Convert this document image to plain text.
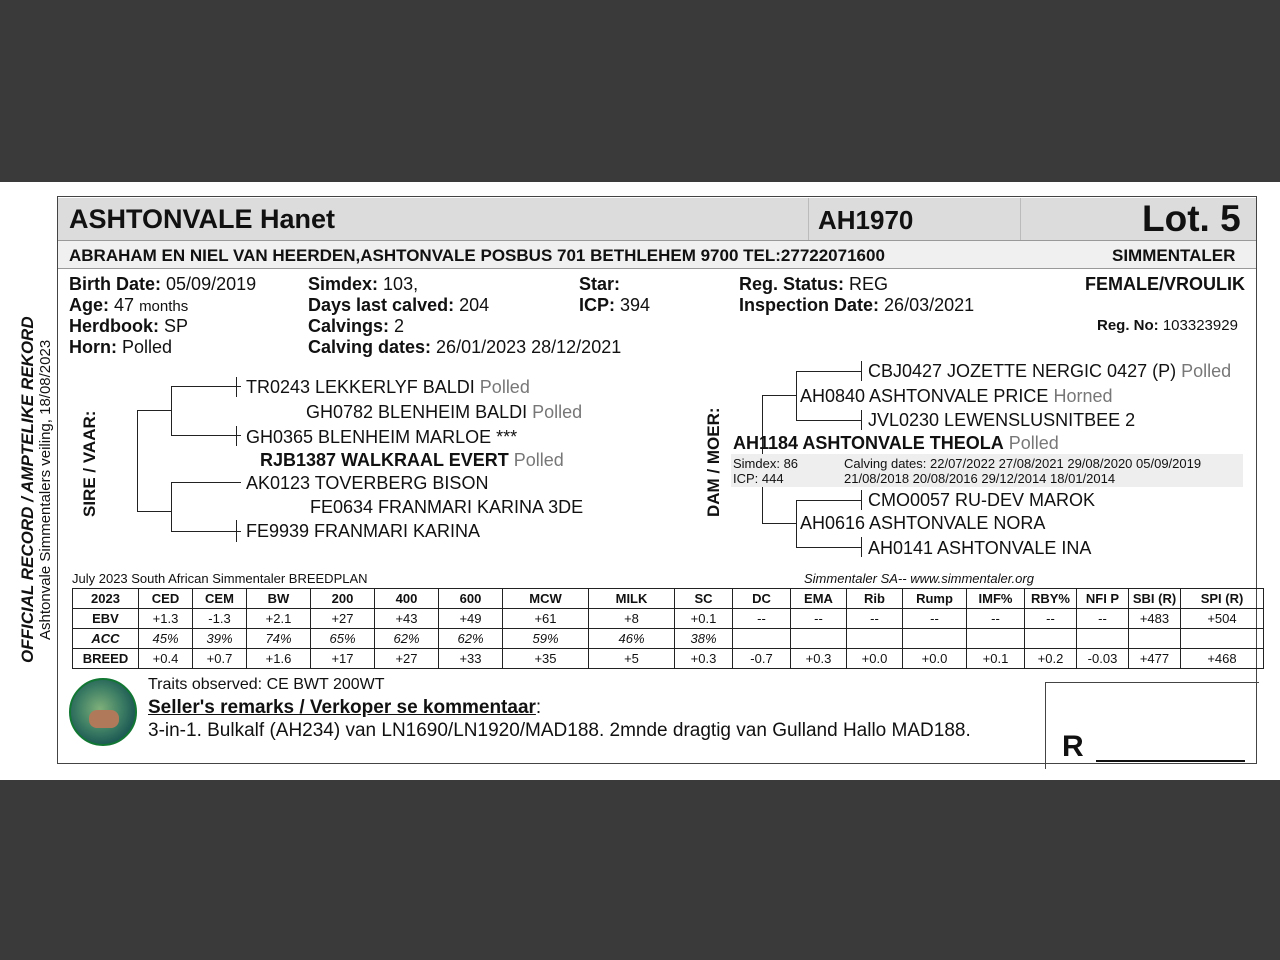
ASHTONVALE Hanet	AH1970	Lot. 5
ABRAHAM EN NIEL VAN HEERDEN,ASHTONVALE POSBUS 701 BETHLEHEM 9700 TEL:27722071600	SIMMENTALER
OFFICIAL RECORD / AMPTELIKE REKORD Ashtonvale Simmentalers veiling, 18/08/2023
Birth Date: 05/09/2019
Age: 47 months
Herdbook: SP
Horn: Polled
Simdex: 103,
Days last calved: 204
Calvings: 2
Calving dates: 26/01/2023 28/12/2021
Star:
ICP: 394
Reg. Status: REG
Inspection Date: 26/03/2021
FEMALE/VROULIK
Reg. No: 103323929
SIRE / VAAR:	DAM / MOER:
TR0243 LEKKERLYF BALDI Polled
GH0782 BLENHEIM BALDI Polled
GH0365 BLENHEIM MARLOE ***
RJB1387 WALKRAAL EVERT Polled
AK0123 TOVERBERG BISON
FE0634 FRANMARI KARINA 3DE
FE9939 FRANMARI KARINA
CBJ0427 JOZETTE NERGIC 0427 (P) Polled
AH0840 ASHTONVALE PRICE Horned
JVL0230 LEWENSLUSNITBEE 2
AH1184 ASHTONVALE THEOLA Polled
Simdex: 86
ICP: 444
Calving dates: 22/07/2022 27/08/2021 29/08/2020 05/09/2019
21/08/2018 20/08/2016 29/12/2014 18/01/2014
CMO0057 RU-DEV MAROK
AH0616 ASHTONVALE NORA
AH0141 ASHTONVALE INA
July 2023 South African Simmentaler BREEDPLAN	Simmentaler SA-- www.simmentaler.org
2023	CED	CEM	BW	200	400	600	MCW	MILK	SC	DC	EMA	Rib	Rump	IMF%	RBY%	NFI P	SBI (R)	SPI (R)
EBV	+1.3	-1.3	+2.1	+27	+43	+49	+61	+8	+0.1	--	--	--	--	--	--	--	+483	+504
ACC	45%	39%	74%	65%	62%	62%	59%	46%	38%									
BREED	+0.4	+0.7	+1.6	+17	+27	+33	+35	+5	+0.3	-0.7	+0.3	+0.0	+0.0	+0.1	+0.2	-0.03	+477	+468
Traits observed: CE BWT 200WT
Seller's remarks / Verkoper se kommentaar:
3-in-1. Bulkalf (AH234) van LN1690/LN1920/MAD188. 2mnde dragtig van Gulland Hallo MAD188.	R
